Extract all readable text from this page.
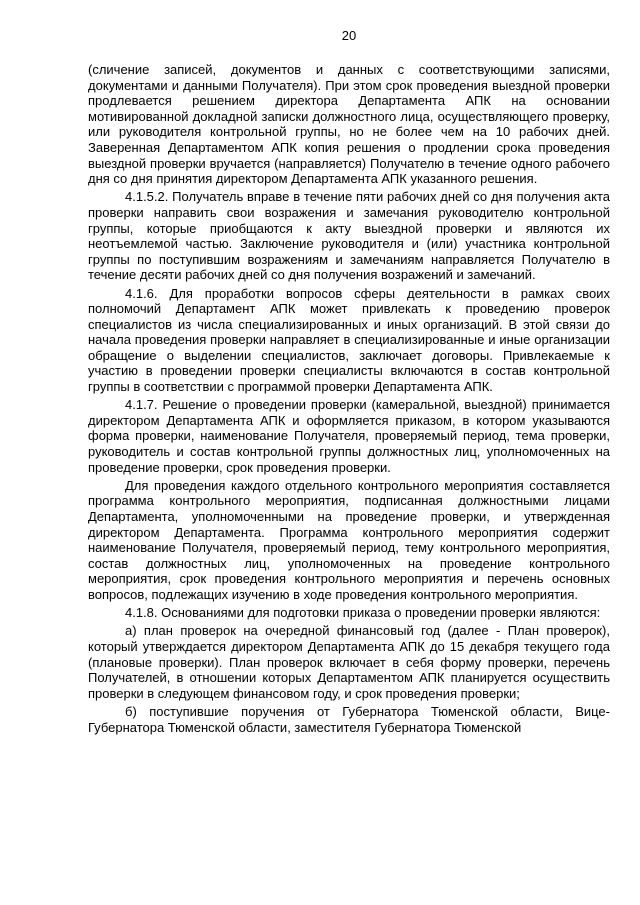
20

(сличение записей, документов и данных с соответствующими записями, документами и данными Получателя). При этом срок проведения выездной проверки продлевается решением директора Департамента АПК на основании мотивированной докладной записки должностного лица, осуществляющего проверку, или руководителя контрольной группы, но не более чем на 10 рабочих дней. Заверенная Департаментом АПК копия решения о продлении срока проведения выездной проверки вручается (направляется) Получателю в течение одного рабочего дня со дня принятия директором Департамента АПК указанного решения.

4.1.5.2. Получатель вправе в течение пяти рабочих дней со дня получения акта проверки направить свои возражения и замечания руководителю контрольной группы, которые приобщаются к акту выездной проверки и являются их неотъемлемой частью. Заключение руководителя и (или) участника контрольной группы по поступившим возражениям и замечаниям направляется Получателю в течение десяти рабочих дней со дня получения возражений и замечаний.

4.1.6. Для проработки вопросов сферы деятельности в рамках своих полномочий Департамент АПК может привлекать к проведению проверок специалистов из числа специализированных и иных организаций. В этой связи до начала проведения проверки направляет в специализированные и иные организации обращение о выделении специалистов, заключает договоры. Привлекаемые к участию в проведении проверки специалисты включаются в состав контрольной группы в соответствии с программой проверки Департамента АПК.

4.1.7. Решение о проведении проверки (камеральной, выездной) принимается директором Департамента АПК и оформляется приказом, в котором указываются форма проверки, наименование Получателя, проверяемый период, тема проверки, руководитель и состав контрольной группы должностных лиц, уполномоченных на проведение проверки, срок проведения проверки.

Для проведения каждого отдельного контрольного мероприятия составляется программа контрольного мероприятия, подписанная должностными лицами Департамента, уполномоченными на проведение проверки, и утвержденная директором Департамента. Программа контрольного мероприятия содержит наименование Получателя, проверяемый период, тему контрольного мероприятия, состав должностных лиц, уполномоченных на проведение контрольного мероприятия, срок проведения контрольного мероприятия и перечень основных вопросов, подлежащих изучению в ходе проведения контрольного мероприятия.

4.1.8. Основаниями для подготовки приказа о проведении проверки являются:

а) план проверок на очередной финансовый год (далее - План проверок), который утверждается директором Департамента АПК до 15 декабря текущего года (плановые проверки). План проверок включает в себя форму проверки, перечень Получателей, в отношении которых Департаментом АПК планируется осуществить проверки в следующем финансовом году, и срок проведения проверки;

б) поступившие поручения от Губернатора Тюменской области, Вице-Губернатора Тюменской области, заместителя Губернатора Тюменской
